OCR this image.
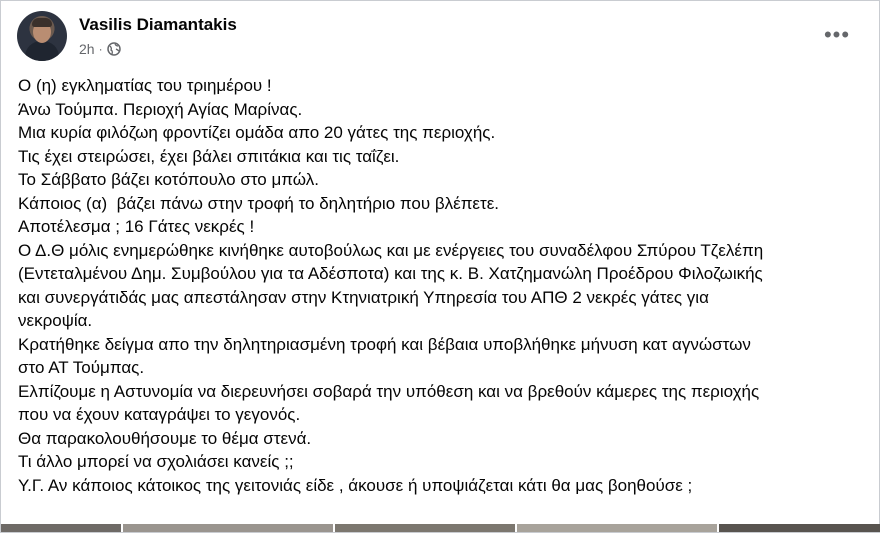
Vasilis Diamantakis
2h ·
•••
Ο (η) εγκληματίας του τριημέρου !
Άνω Τούμπα. Περιοχή Αγίας Μαρίνας.
Μια κυρία φιλόζωη φροντίζει ομάδα απο 20 γάτες της περιοχής.
Τις έχει στειρώσει, έχει βάλει σπιτάκια και τις ταΐζει.
Το Σάββατο βάζει κοτόπουλο στο μπώλ.
Κάποιος (α)  βάζει πάνω στην τροφή το δηλητήριο που βλέπετε.
Αποτέλεσμα ; 16 Γάτες νεκρές !
Ο Δ.Θ μόλις ενημερώθηκε κινήθηκε αυτοβούλως και με ενέργειες του συναδέλφου Σπύρου Τζελέπη
(Εντεταλμένου Δημ. Συμβούλου για τα Αδέσποτα) και της κ. Β. Χατζημανώλη Προέδρου Φιλοζωικής
και συνεργάτιδάς μας απεστάλησαν στην Κτηνιατρική Υπηρεσία του ΑΠΘ 2 νεκρές γάτες για
νεκροψία.
Κρατήθηκε δείγμα απο την δηλητηριασμένη τροφή και βέβαια υποβλήθηκε μήνυση κατ αγνώστων
στο ΑΤ Τούμπας.
Ελπίζουμε η Αστυνομία να διερευνήσει σοβαρά την υπόθεση και να βρεθούν κάμερες της περιοχής
που να έχουν καταγράψει το γεγονός.
Θα παρακολουθήσουμε το θέμα στενά.
Τι άλλο μπορεί να σχολιάσει κανείς ;;
Υ.Γ. Αν κάποιος κάτοικος της γειτονιάς είδε , άκουσε ή υποψιάζεται κάτι θα μας βοηθούσε ;
